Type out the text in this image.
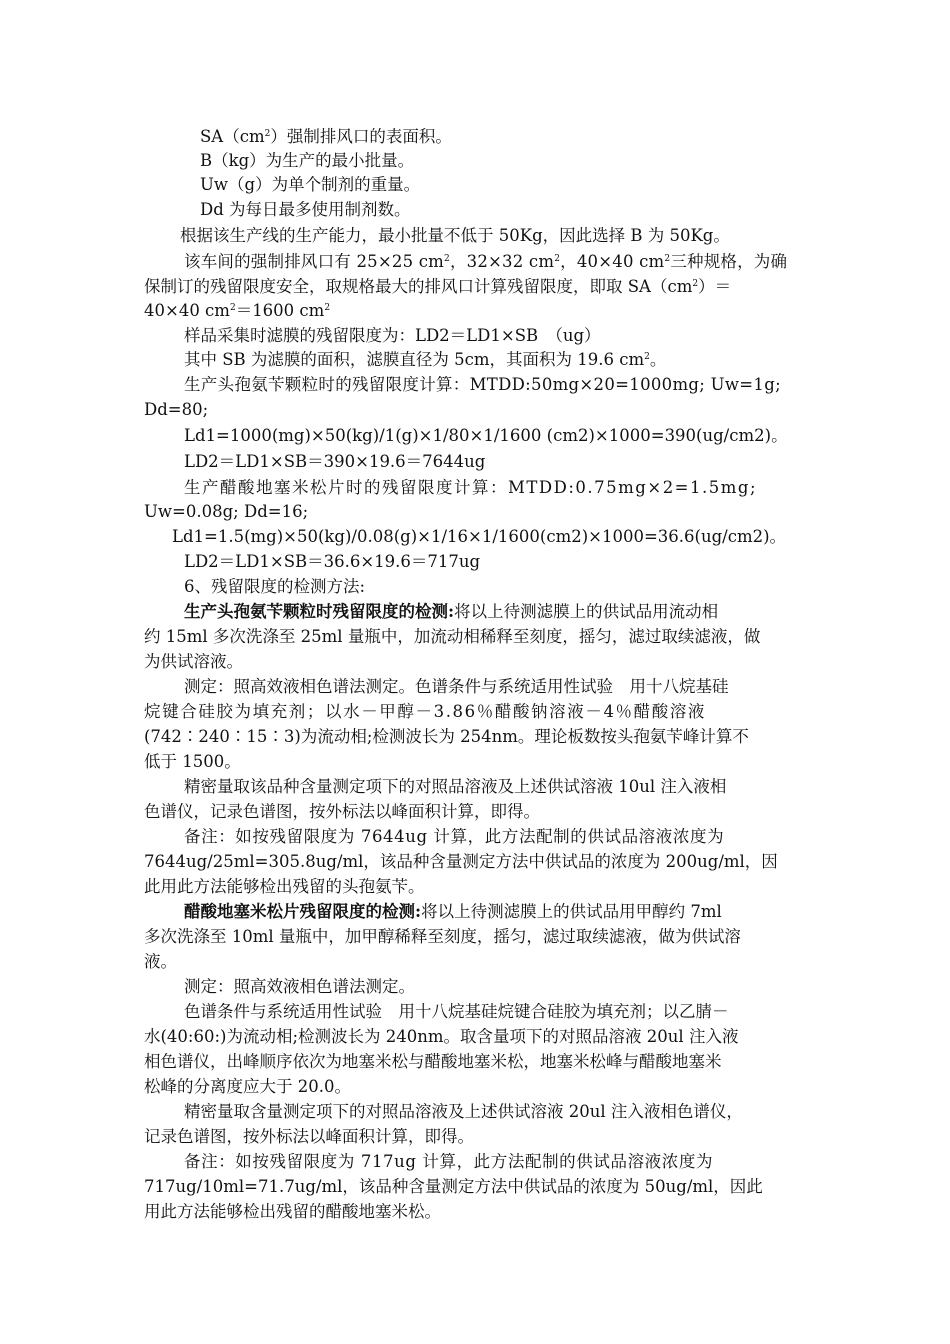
$SA(cm^2)$强制排风口的表面积。
B（kg）为生产的最小批量。
Uw（g）为单个制剂的重量。
Dd 为每日最多使用制剂数。
根据该生产线的生产能力，最小批量不低于 50Kg，因此选择 B 为 50Kg。
该车间的强制排风口有 25×25 $cm^2$，32×32 $cm^2$，40×40 $cm^2$三种规格，为确
保制订的残留限度安全，取规格最大的排风口计算残留限度，即取 $SA(cm^2)=$
40×40 $cm^2=1600$ $cm^2$
样品采集时滤膜的残留限度为：LD2＝LD1×SB　（ug）
其中 SB 为滤膜的面积，滤膜直径为 5cm，其面积为 19.6 $cm^2$。
生产头孢氨苄颗粒时的残留限度计算：MTDD:50mg×20=1000mg; Uw=1g;
Dd=80;
Ld1=1000(mg)×50(kg)/1(g)×1/80×1/1600 (cm2)×1000=390(ug/cm2)。
LD2＝LD1×SB＝390×19.6＝7644ug
生产醋酸地塞米松片时的残留限度计算：MTDD:0.75mg×2=1.5mg;
Uw=0.08g; Dd=16;
Ld1=1.5(mg)×50(kg)/0.08(g)×1/16×1/1600(cm2)×1000=36.6(ug/cm2)。
LD2＝LD1×SB＝36.6×19.6＝717ug
6、残留限度的检测方法:
生产头孢氨苄颗粒时残留限度的检测:将以上待测滤膜上的供试品用流动相
约 15ml 多次洗涤至 25ml 量瓶中，加流动相稀释至刻度，摇匀，滤过取续滤液，做
为供试溶液。
测定：照高效液相色谱法测定。色谱条件与系统适用性试验　用十八烷基硅
烷键合硅胶为填充剂；以水－甲醇－3.86％醋酸钠溶液－4％醋酸溶液
(742∶240∶15∶3)为流动相;检测波长为 254nm。理论板数按头孢氨苄峰计算不
低于 1500。
精密量取该品种含量测定项下的对照品溶液及上述供试溶液 10ul 注入液相
色谱仪，记录色谱图，按外标法以峰面积计算，即得。
备注：如按残留限度为 7644ug 计算，此方法配制的供试品溶液浓度为
7644ug/25ml=305.8ug/ml，该品种含量测定方法中供试品的浓度为 200ug/ml，因
此用此方法能够检出残留的头孢氨苄。
醋酸地塞米松片残留限度的检测:将以上待测滤膜上的供试品用甲醇约 7ml
多次洗涤至 10ml 量瓶中，加甲醇稀释至刻度，摇匀，滤过取续滤液，做为供试溶
液。
测定：照高效液相色谱法测定。
色谱条件与系统适用性试验　用十八烷基硅烷键合硅胶为填充剂；以乙腈－
水(40:60:)为流动相;检测波长为 240nm。取含量项下的对照品溶液 20ul 注入液
相色谱仪，出峰顺序依次为地塞米松与醋酸地塞米松，地塞米松峰与醋酸地塞米
松峰的分离度应大于 20.0。
精密量取含量测定项下的对照品溶液及上述供试溶液 20ul 注入液相色谱仪，
记录色谱图，按外标法以峰面积计算，即得。
备注：如按残留限度为 717ug 计算，此方法配制的供试品溶液浓度为
717ug/10ml=71.7ug/ml，该品种含量测定方法中供试品的浓度为 50ug/ml，因此
用此方法能够检出残留的醋酸地塞米松。
